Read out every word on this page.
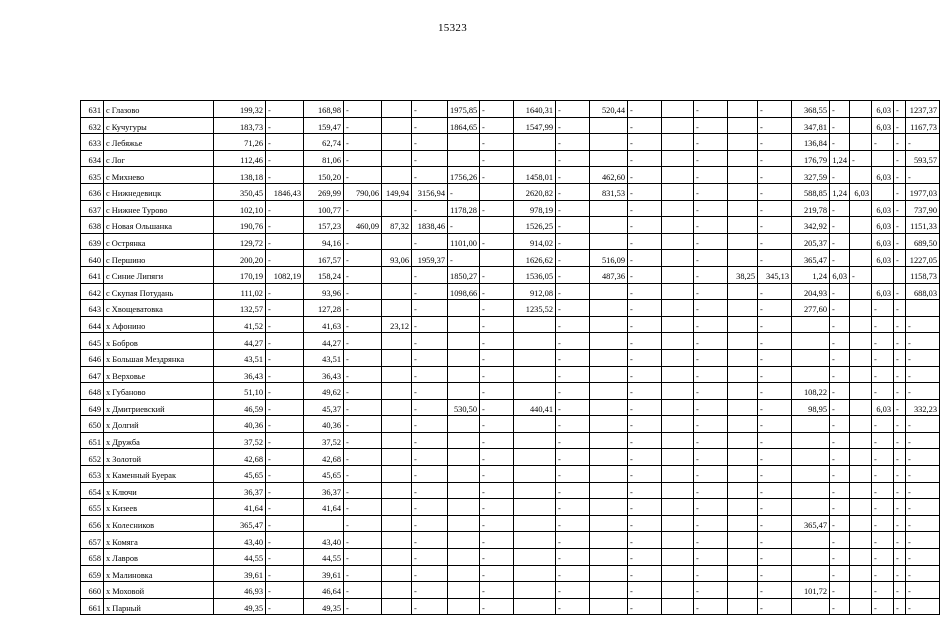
15323
631	с Глазово	199,32	-	168,98	-		-	1975,85	-	1640,31	-	520,44	-		-		-	368,55	-		6,03	-	1237,37
632	с Кучугуры	183,73	-	159,47	-		-	1864,65	-	1547,99	-		-		-		-	347,81	-		6,03	-	1167,73
633	с Лебяжье	71,26	-	62,74	-		-		-		-		-		-		-	136,84	-		-	-	-
634	с Лог	112,46	-	81,06	-		-		-		-		-		-		-	176,79	1,24	-		-	593,57
635	с Михнево	138,18	-	150,20	-		-	1756,26	-	1458,01	-	462,60	-		-		-	327,59	-		6,03	-	-
636	с Нижнедевицк	350,45	1846,43	269,99	790,06	149,94	3156,94	-		2620,82	-	831,53	-		-		-	588,85	1,24	6,03		-	1977,03
637	с Нижнее Турово	102,10	-	100,77	-		-	1178,28	-	978,19	-		-		-		-	219,78	-		6,03	-	737,90
638	с Новая Ольшанка	190,76	-	157,23	460,09	87,32	1838,46	-		1526,25	-		-		-		-	342,92	-		6,03	-	1151,33
639	с Острянка	129,72	-	94,16	-		-	1101,00	-	914,02	-		-		-		-	205,37	-		6,03	-	689,50
640	с Першино	200,20	-	167,57	-	93,06	1959,37	-		1626,62	-	516,09	-		-		-	365,47	-		6,03	-	1227,05
641	с Синие Липяги	170,19	1082,19	158,24	-		-	1850,27	-	1536,05	-	487,36	-		-	38,25	345,13	1,24	6,03	-			1158,73
642	с Скупая Потудань	111,02	-	93,96	-		-	1098,66	-	912,08	-		-		-		-	204,93	-		6,03	-	688,03
643	с Хвощеватовка	132,57	-	127,28	-		-		-	1235,52	-		-		-		-	277,60	-		-	-	
644	х Афонино	41,52	-	41,63	-	23,12	-		-		-		-		-		-		-		-	-	-
645	х Бобров	44,27	-	44,27	-		-		-		-		-		-		-		-		-	-	-
646	х Большая Мездрянка	43,51	-	43,51	-		-		-		-		-		-		-		-		-	-	-
647	х Верховье	36,43	-	36,43	-		-		-		-		-		-		-		-		-	-	-
648	х Губаново	51,10	-	49,62	-		-		-		-		-		-		-	108,22	-		-	-	-
649	х Дмитриевский	46,59	-	45,37	-		-	530,50	-	440,41	-		-		-		-	98,95	-		6,03	-	332,23
650	х Долгий	40,36	-	40,36	-		-		-		-		-		-		-		-		-	-	-
651	х Дружба	37,52	-	37,52	-		-		-		-		-		-		-		-		-	-	-
652	х Золотой	42,68	-	42,68	-		-		-		-		-		-		-		-		-	-	-
653	х Каменный Буерак	45,65	-	45,65	-		-		-		-		-		-		-		-		-	-	-
654	х Ключи	36,37	-	36,37	-		-		-		-		-		-		-		-		-	-	-
655	х Кизеев	41,64	-	41,64	-		-		-		-		-		-		-		-		-	-	-
656	х Колесников	365,47	-		-		-		-		-		-		-		-	365,47	-		-	-	-
657	х Комяга	43,40	-	43,40	-		-		-		-		-		-		-		-		-	-	-
658	х Лавров	44,55	-	44,55	-		-		-		-		-		-		-		-		-	-	-
659	х Малиновка	39,61	-	39,61	-		-		-		-		-		-		-		-		-	-	-
660	х Моховой	46,93	-	46,64	-		-		-		-		-		-		-	101,72	-		-	-	-
661	х Парный	49,35	-	49,35	-		-		-		-		-		-		-		-		-	-	-
